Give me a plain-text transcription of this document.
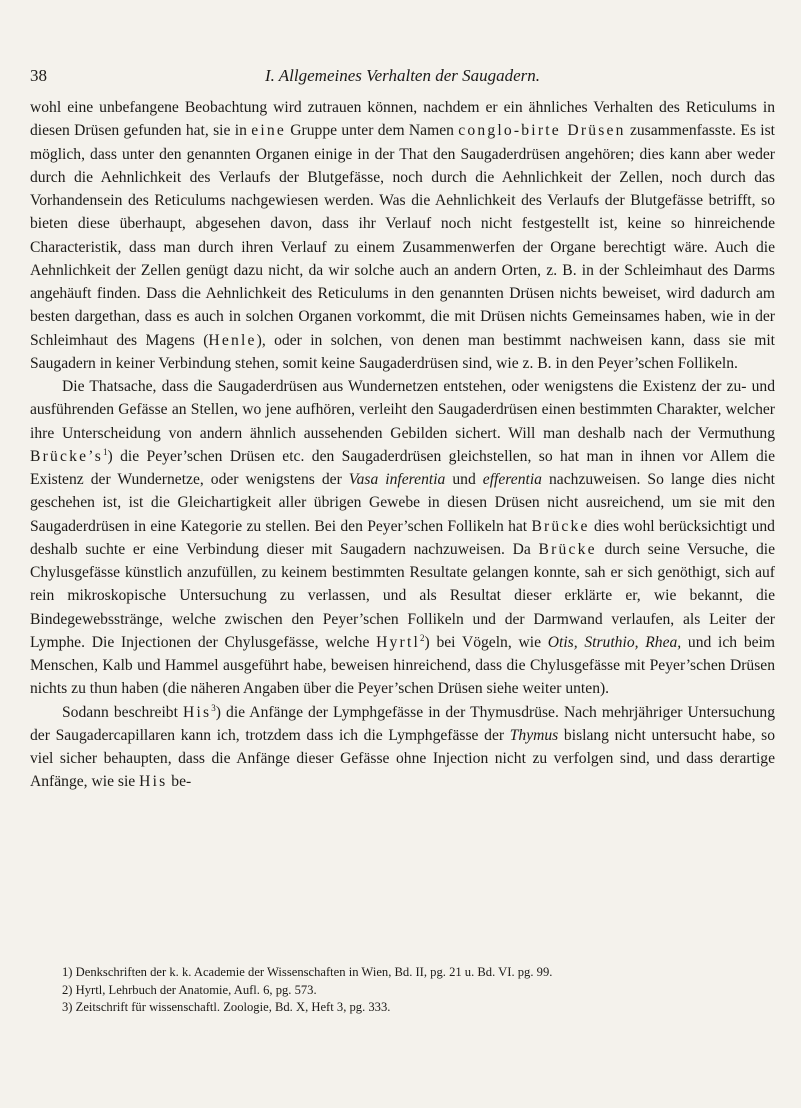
38	I. Allgemeines Verhalten der Saugadern.

wohl eine unbefangene Beobachtung wird zutrauen können, nachdem er ein ähnliches Verhalten des Reticulums in diesen Drüsen gefunden hat, sie in eine Gruppe unter dem Namen conglo-birte Drüsen zusammenfasste. Es ist möglich, dass unter den genannten Organen einige in der That den Saugaderdrüsen angehören; dies kann aber weder durch die Aehnlichkeit des Verlaufs der Blutgefässe, noch durch die Aehnlichkeit der Zellen, noch durch das Vorhandensein des Reticulums nachgewiesen werden. Was die Aehnlichkeit des Verlaufs der Blutgefässe betrifft, so bieten diese überhaupt, abgesehen davon, dass ihr Verlauf noch nicht festgestellt ist, keine so hinreichende Characteristik, dass man durch ihren Verlauf zu einem Zusammenwerfen der Organe berechtigt wäre. Auch die Aehnlichkeit der Zellen genügt dazu nicht, da wir solche auch an andern Orten, z. B. in der Schleimhaut des Darms angehäuft finden. Dass die Aehnlichkeit des Reticulums in den genannten Drüsen nichts beweiset, wird dadurch am besten dargethan, dass es auch in solchen Organen vorkommt, die mit Drüsen nichts Gemeinsames haben, wie in der Schleimhaut des Magens (Henle), oder in solchen, von denen man bestimmt nachweisen kann, dass sie mit Saugadern in keiner Verbindung stehen, somit keine Saugaderdrüsen sind, wie z. B. in den Peyer’schen Follikeln.

Die Thatsache, dass die Saugaderdrüsen aus Wundernetzen entstehen, oder wenigstens die Existenz der zu- und ausführenden Gefässe an Stellen, wo jene aufhören, verleiht den Saugaderdrüsen einen bestimmten Charakter, welcher ihre Unterscheidung von andern ähnlich aussehenden Gebilden sichert. Will man deshalb nach der Vermuthung $Brücke’s^1$) die Peyer’schen Drüsen etc. den Saugaderdrüsen gleichstellen, so hat man in ihnen vor Allem die Existenz der Wundernetze, oder wenigstens der Vasa inferentia und efferentia nachzuweisen. So lange dies nicht geschehen ist, ist die Gleichartigkeit aller übrigen Gewebe in diesen Drüsen nicht ausreichend, um sie mit den Saugaderdrüsen in eine Kategorie zu stellen. Bei den Peyer’schen Follikeln hat Brücke dies wohl berücksichtigt und deshalb suchte er eine Verbindung dieser mit Saugadern nachzuweisen. Da Brücke durch seine Versuche, die Chylusgefässe künstlich anzufüllen, zu keinem bestimmten Resultate gelangen konnte, sah er sich genöthigt, sich auf rein mikroskopische Untersuchung zu verlassen, und als Resultat dieser erklärte er, wie bekannt, die Bindegewebsstränge, welche zwischen den Peyer’schen Follikeln und der Darmwand verlaufen, als Leiter der Lymphe. Die Injectionen der Chylusgefässe, welche Hyrtl$^2$) bei Vögeln, wie Otis, Struthio, Rhea, und ich beim Menschen, Kalb und Hammel ausgeführt habe, beweisen hinreichend, dass die Chylusgefässe mit Peyer’schen Drüsen nichts zu thun haben (die näheren Angaben über die Peyer’schen Drüsen siehe weiter unten).

Sodann beschreibt His$^3$) die Anfänge der Lymphgefässe in der Thymusdrüse. Nach mehrjähriger Untersuchung der Saugadercapillaren kann ich, trotzdem dass ich die Lymphgefässe der Thymus bislang nicht untersucht habe, so viel sicher behaupten, dass die Anfänge dieser Gefässe ohne Injection nicht zu verfolgen sind, und dass derartige Anfänge, wie sie His be-

1) Denkschriften der k. k. Academie der Wissenschaften in Wien, Bd. II, pg. 21 u. Bd. VI. pg. 99.
2) Hyrtl, Lehrbuch der Anatomie, Aufl. 6, pg. 573.
3) Zeitschrift für wissenschaftl. Zoologie, Bd. X, Heft 3, pg. 333.
